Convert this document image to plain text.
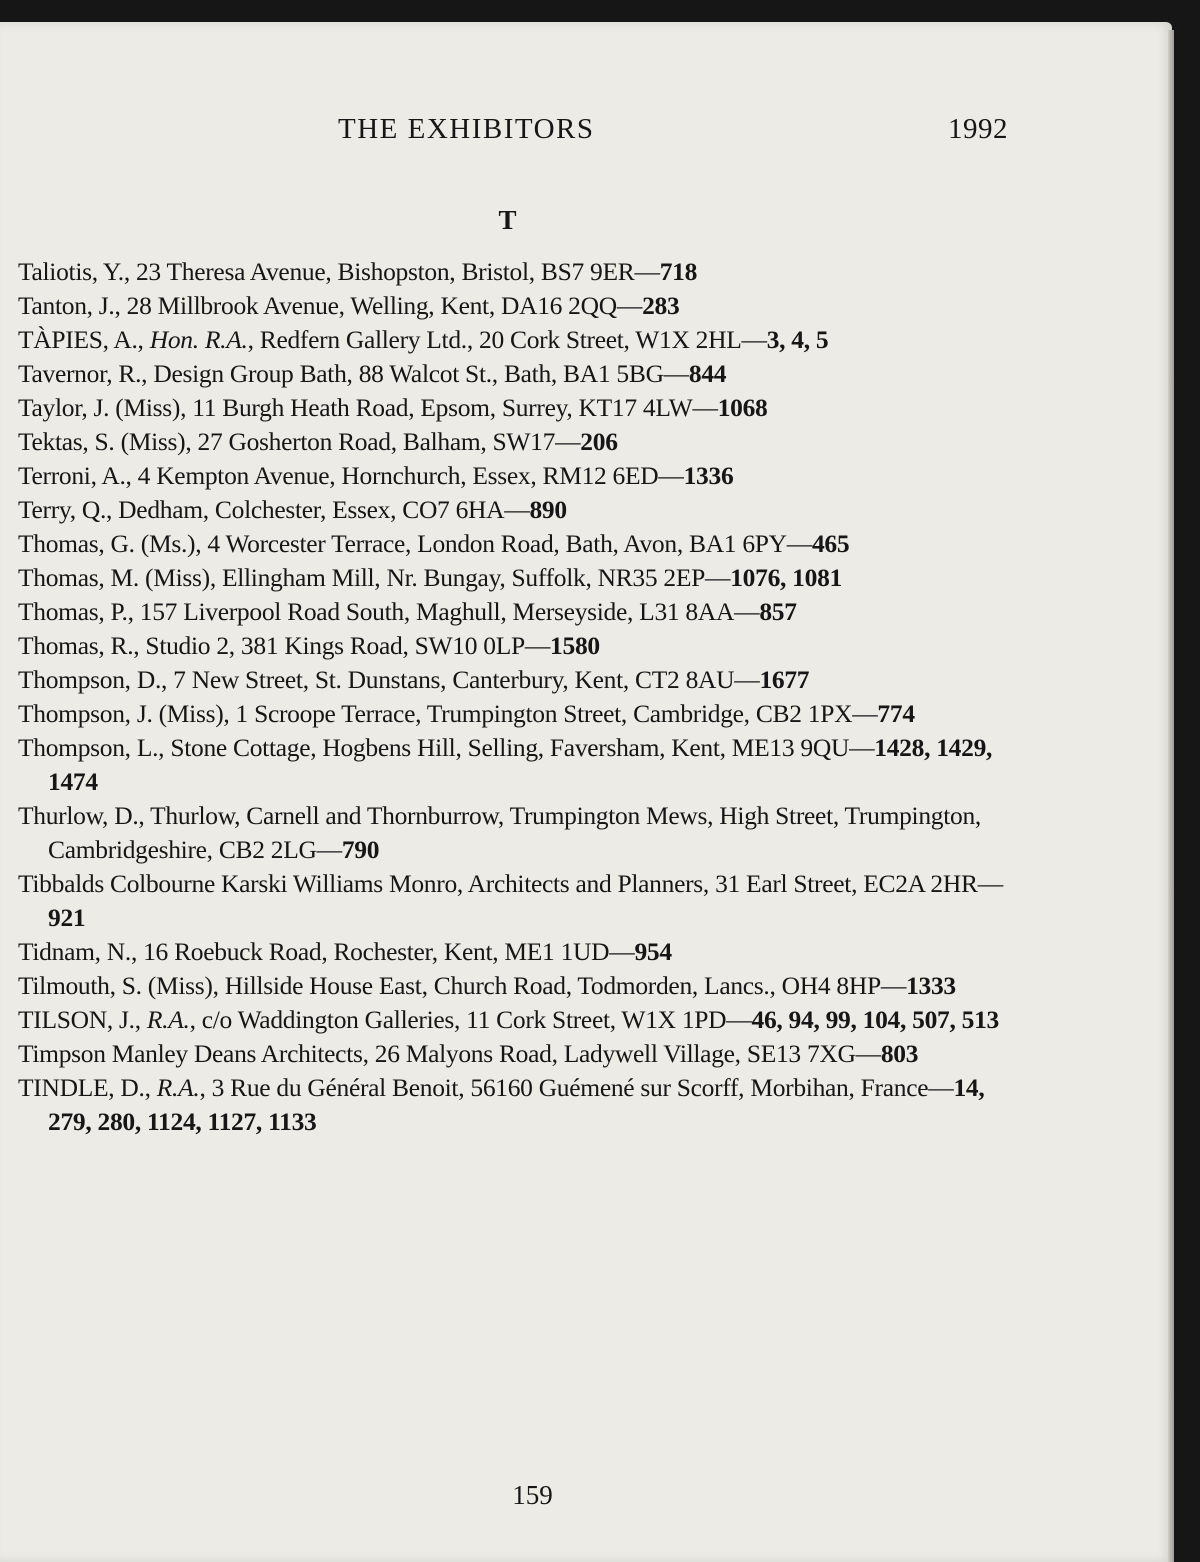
THE EXHIBITORS	1992
T
Taliotis, Y., 23 Theresa Avenue, Bishopston, Bristol, BS7 9ER—718
Tanton, J., 28 Millbrook Avenue, Welling, Kent, DA16 2QQ—283
TÀPIES, A., Hon. R.A., Redfern Gallery Ltd., 20 Cork Street, W1X 2HL—3, 4, 5
Tavernor, R., Design Group Bath, 88 Walcot St., Bath, BA1 5BG—844
Taylor, J. (Miss), 11 Burgh Heath Road, Epsom, Surrey, KT17 4LW—1068
Tektas, S. (Miss), 27 Gosherton Road, Balham, SW17—206
Terroni, A., 4 Kempton Avenue, Hornchurch, Essex, RM12 6ED—1336
Terry, Q., Dedham, Colchester, Essex, CO7 6HA—890
Thomas, G. (Ms.), 4 Worcester Terrace, London Road, Bath, Avon, BA1 6PY—465
Thomas, M. (Miss), Ellingham Mill, Nr. Bungay, Suffolk, NR35 2EP—1076, 1081
Thomas, P., 157 Liverpool Road South, Maghull, Merseyside, L31 8AA—857
Thomas, R., Studio 2, 381 Kings Road, SW10 0LP—1580
Thompson, D., 7 New Street, St. Dunstans, Canterbury, Kent, CT2 8AU—1677
Thompson, J. (Miss), 1 Scroope Terrace, Trumpington Street, Cambridge, CB2 1PX—774
Thompson, L., Stone Cottage, Hogbens Hill, Selling, Faversham, Kent, ME13 9QU—1428, 1429, 1474
Thurlow, D., Thurlow, Carnell and Thornburrow, Trumpington Mews, High Street, Trumpington, Cambridgeshire, CB2 2LG—790
Tibbalds Colbourne Karski Williams Monro, Architects and Planners, 31 Earl Street, EC2A 2HR—921
Tidnam, N., 16 Roebuck Road, Rochester, Kent, ME1 1UD—954
Tilmouth, S. (Miss), Hillside House East, Church Road, Todmorden, Lancs., OH4 8HP—1333
TILSON, J., R.A., c/o Waddington Galleries, 11 Cork Street, W1X 1PD—46, 94, 99, 104, 507, 513
Timpson Manley Deans Architects, 26 Malyons Road, Ladywell Village, SE13 7XG—803
TINDLE, D., R.A., 3 Rue du Général Benoit, 56160 Guémené sur Scorff, Morbihan, France—14, 279, 280, 1124, 1127, 1133
159
